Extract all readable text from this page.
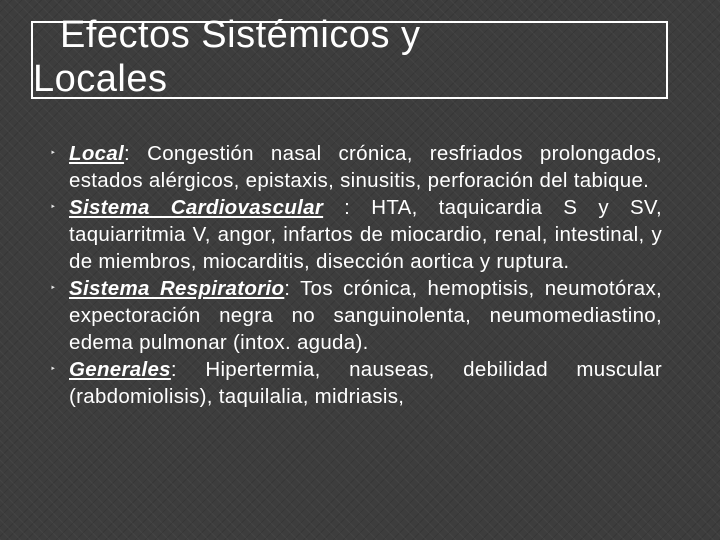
Efectos Sistémicos y
Locales
‣ Local: Congestión nasal crónica, resfriados prolongados, estados alérgicos, epistaxis, sinusitis, perforación del tabique.
‣ Sistema Cardiovascular : HTA, taquicardia S y SV, taquiarritmia V, angor, infartos de miocardio, renal, intestinal, y de miembros, miocarditis, disección aortica y ruptura.
‣ Sistema Respiratorio: Tos crónica, hemoptisis, neumotórax, expectoración negra no sanguinolenta, neumomediastino, edema pulmonar (intox. aguda).
‣ Generales: Hipertermia, nauseas, debilidad muscular (rabdomiolisis), taquilalia, midriasis,
